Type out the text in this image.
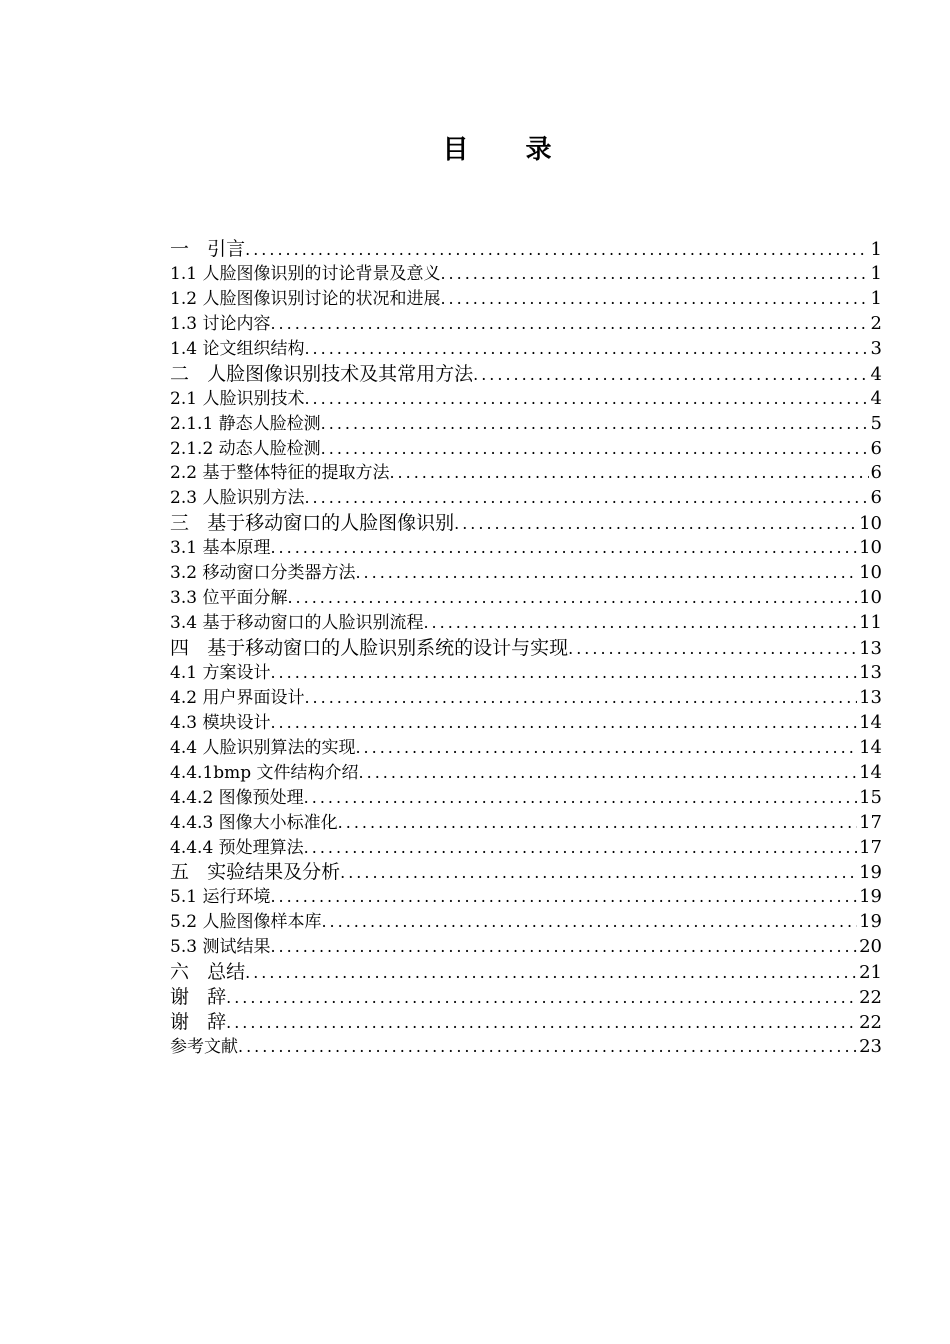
目 录
一   引言 .....	1
1.1 人脸图像识别的讨论背景及意义 .....	1
1.2 人脸图像识别讨论的状况和进展 .....	1
1.3 讨论内容 .....	2
1.4 论文组织结构 .....	3
二   人脸图像识别技术及其常用方法 .....	4
2.1 人脸识别技术 .....	4
2.1.1 静态人脸检测 .....	5
2.1.2 动态人脸检测 .....	6
2.2 基于整体特征的提取方法 .....	6
2.3 人脸识别方法 .....	6
三   基于移动窗口的人脸图像识别 .....	10
3.1 基本原理 .....	10
3.2 移动窗口分类器方法 .....	10
3.3 位平面分解 .....	10
3.4 基于移动窗口的人脸识别流程 .....	11
四   基于移动窗口的人脸识别系统的设计与实现 .....	13
4.1 方案设计 .....	13
4.2 用户界面设计 .....	13
4.3 模块设计 .....	14
4.4 人脸识别算法的实现 .....	14
4.4.1bmp 文件结构介绍 .....	14
4.4.2 图像预处理 .....	15
4.4.3 图像大小标准化 .....	17
4.4.4 预处理算法 .....	17
五   实验结果及分析 .....	19
5.1 运行环境 .....	19
5.2 人脸图像样本库 .....	19
5.3 测试结果 .....	20
六   总结 .....	21
谢   辞 .....	22
谢   辞 .....	22
参考文献 .....	23
